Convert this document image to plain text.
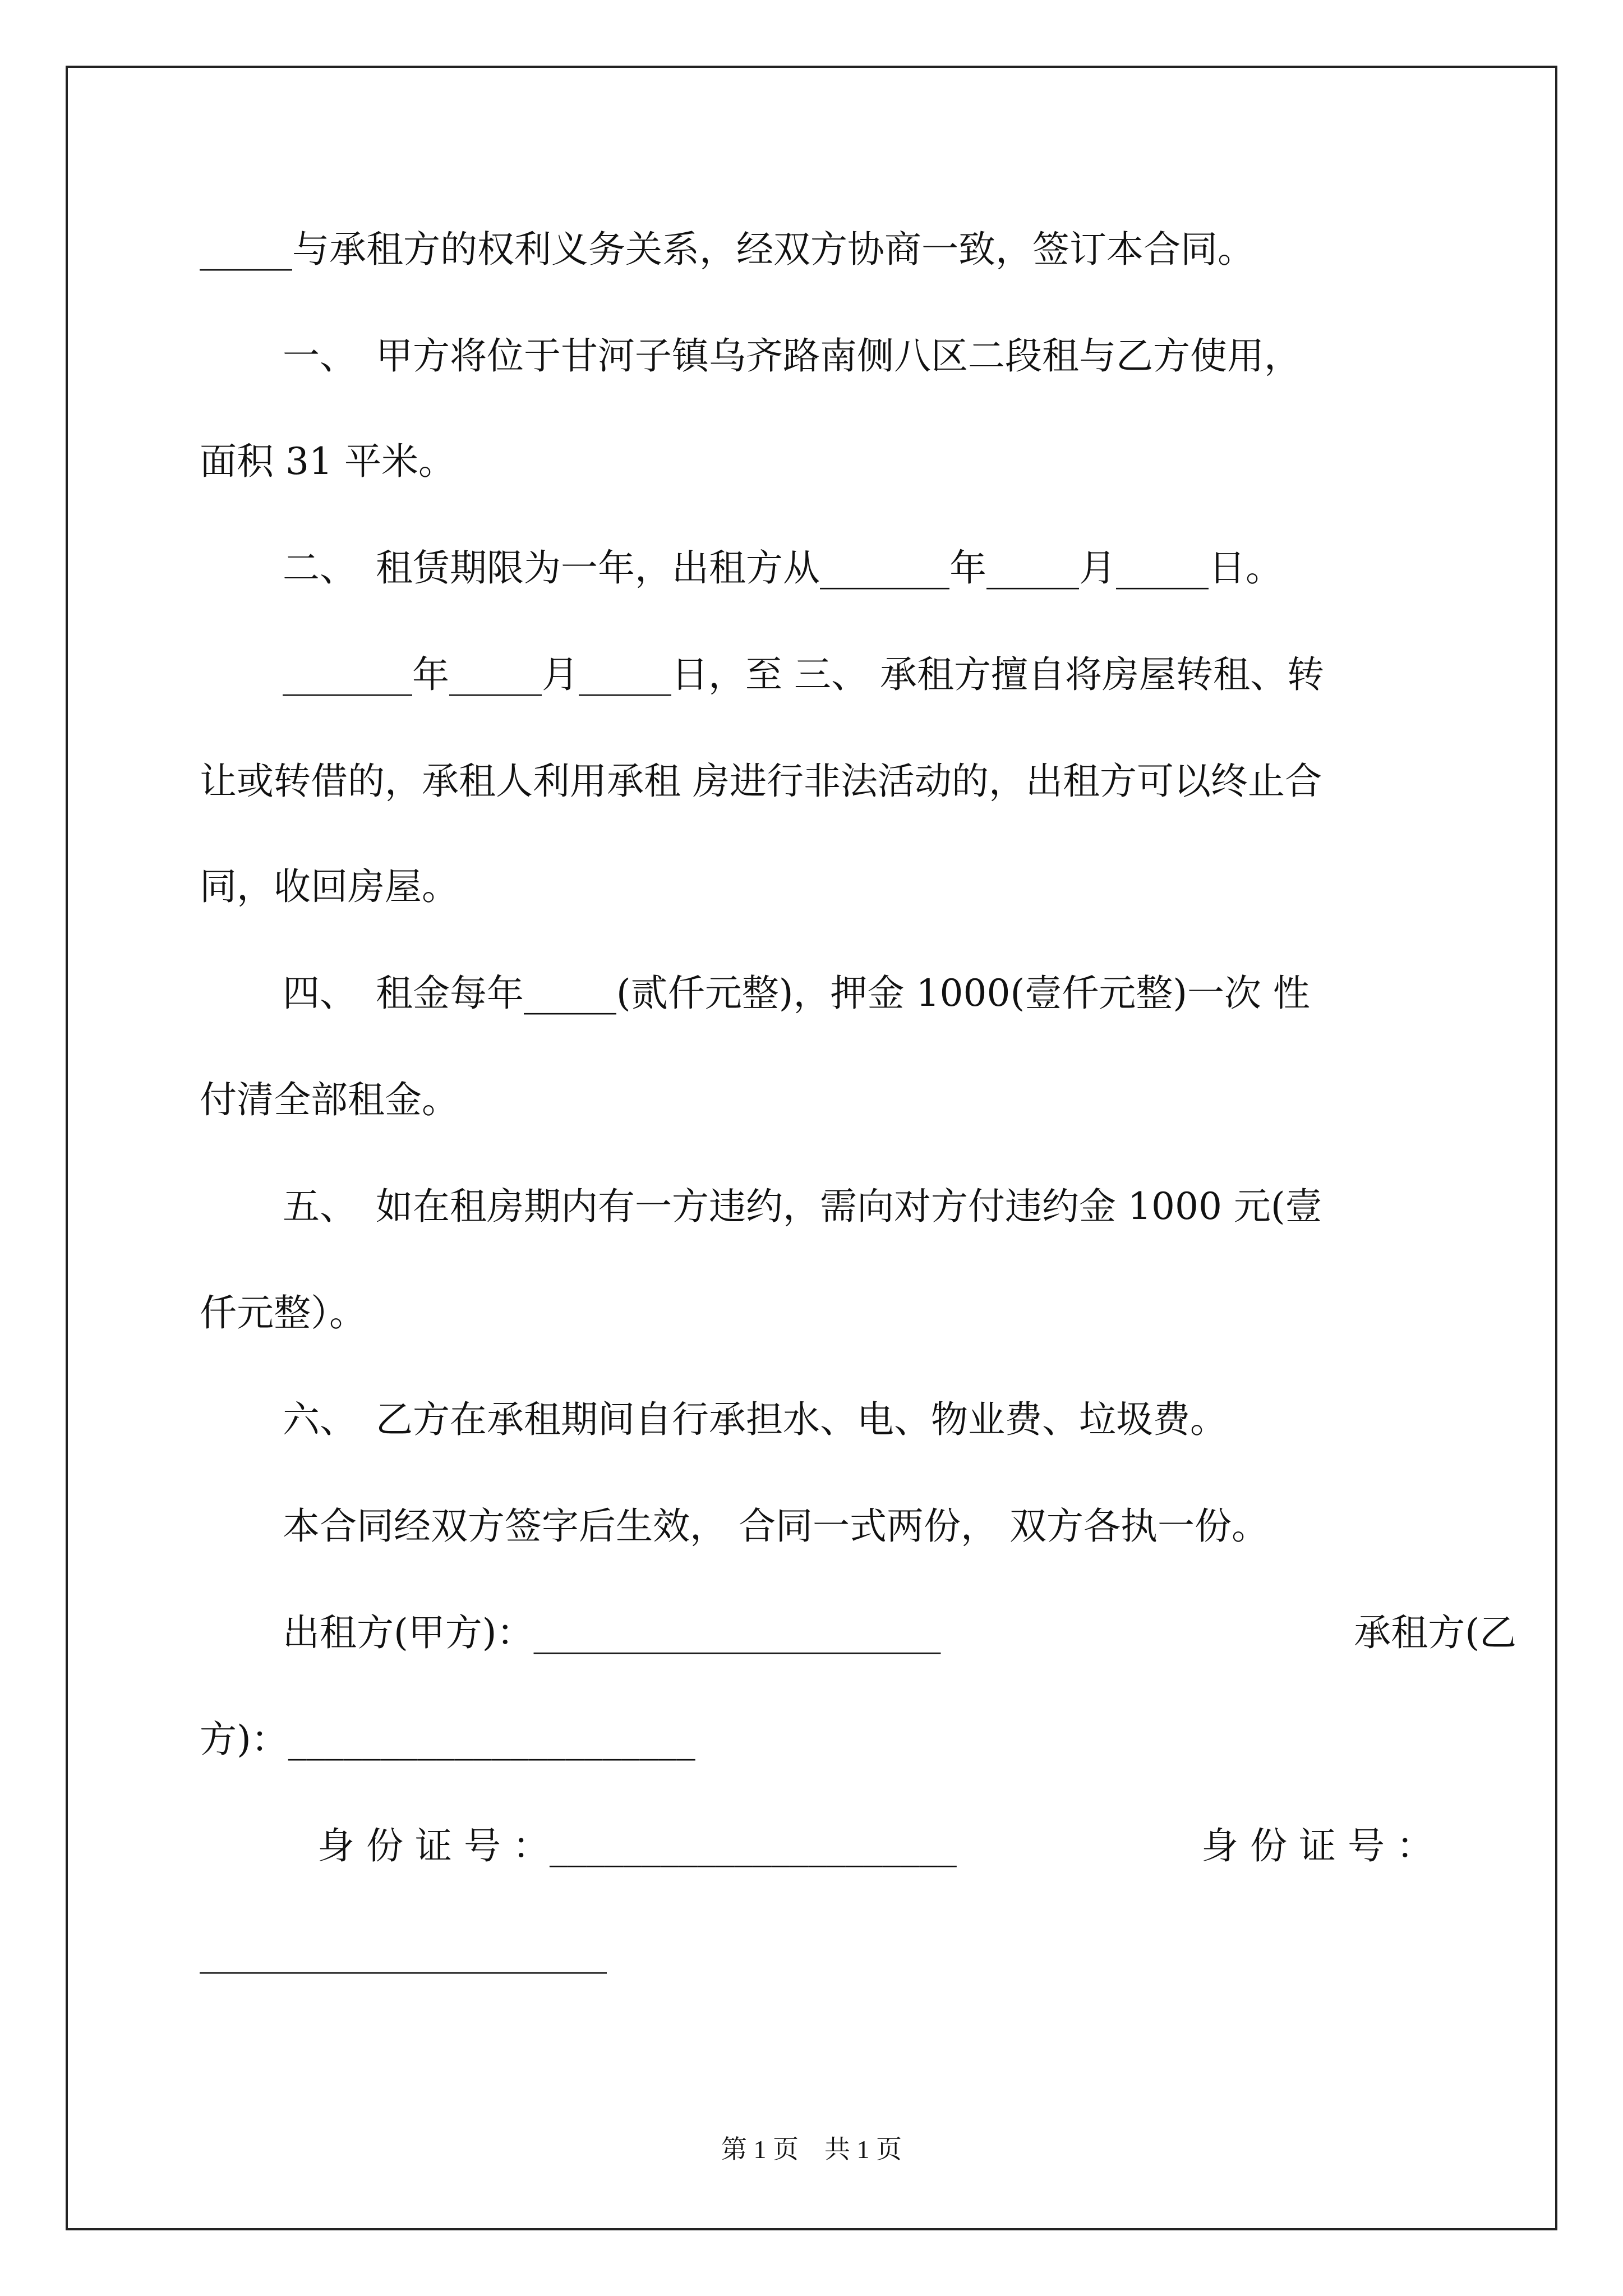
_____与承租方的权利义务关系，经双方协商一致，签订本合同。
一、 甲方将位于甘河子镇乌齐路南侧八区二段租与乙方使用，
面积 31 平米。
二、 租赁期限为一年，出租方从_______年_____月_____日。
_______年_____月_____日，至 三、 承租方擅自将房屋转租、转
让或转借的，承租人利用承租 房进行非法活动的，出租方可以终止合
同，收回房屋。
四、 租金每年_____(贰仟元整)，押金 1000(壹仟元整)一次 性
付清全部租金。
五、 如在租房期内有一方违约，需向对方付违约金 1000 元(壹
仟元整）。
六、 乙方在承租期间自行承担水、电、物业费、垃圾费。
本合同经双方签字后生效， 合同一式两份， 双方各执一份。
出租方(甲方)：______________________	承租方(乙
方)：______________________
身 份 证 号 ：______________________	身 份 证 号 ：
______________________
第 1 页 共 1 页
